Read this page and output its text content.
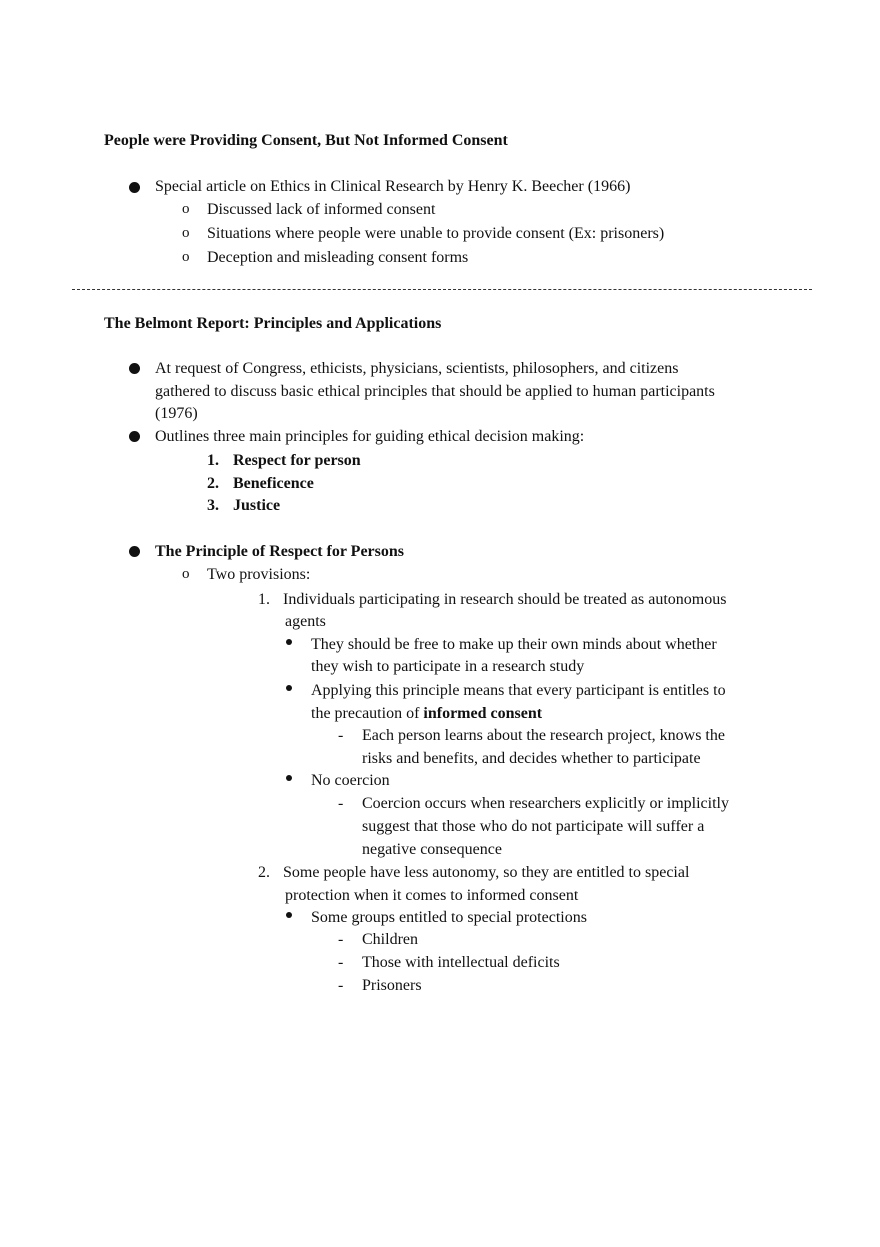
People were Providing Consent, But Not Informed Consent
Special article on Ethics in Clinical Research by Henry K. Beecher (1966)
o Discussed lack of informed consent
o Situations where people were unable to provide consent (Ex: prisoners)
o Deception and misleading consent forms
The Belmont Report: Principles and Applications
At request of Congress, ethicists, physicians, scientists, philosophers, and citizens
gathered to discuss basic ethical principles that should be applied to human participants
(1976)
Outlines three main principles for guiding ethical decision making:
1. Respect for person
2. Beneficence
3. Justice
The Principle of Respect for Persons
o Two provisions:
1. Individuals participating in research should be treated as autonomous
agents
They should be free to make up their own minds about whether
they wish to participate in a research study
Applying this principle means that every participant is entitles to
the precaution of informed consent
- Each person learns about the research project, knows the
risks and benefits, and decides whether to participate
No coercion
- Coercion occurs when researchers explicitly or implicitly
suggest that those who do not participate will suffer a
negative consequence
2. Some people have less autonomy, so they are entitled to special
protection when it comes to informed consent
Some groups entitled to special protections
- Children
- Those with intellectual deficits
- Prisoners
